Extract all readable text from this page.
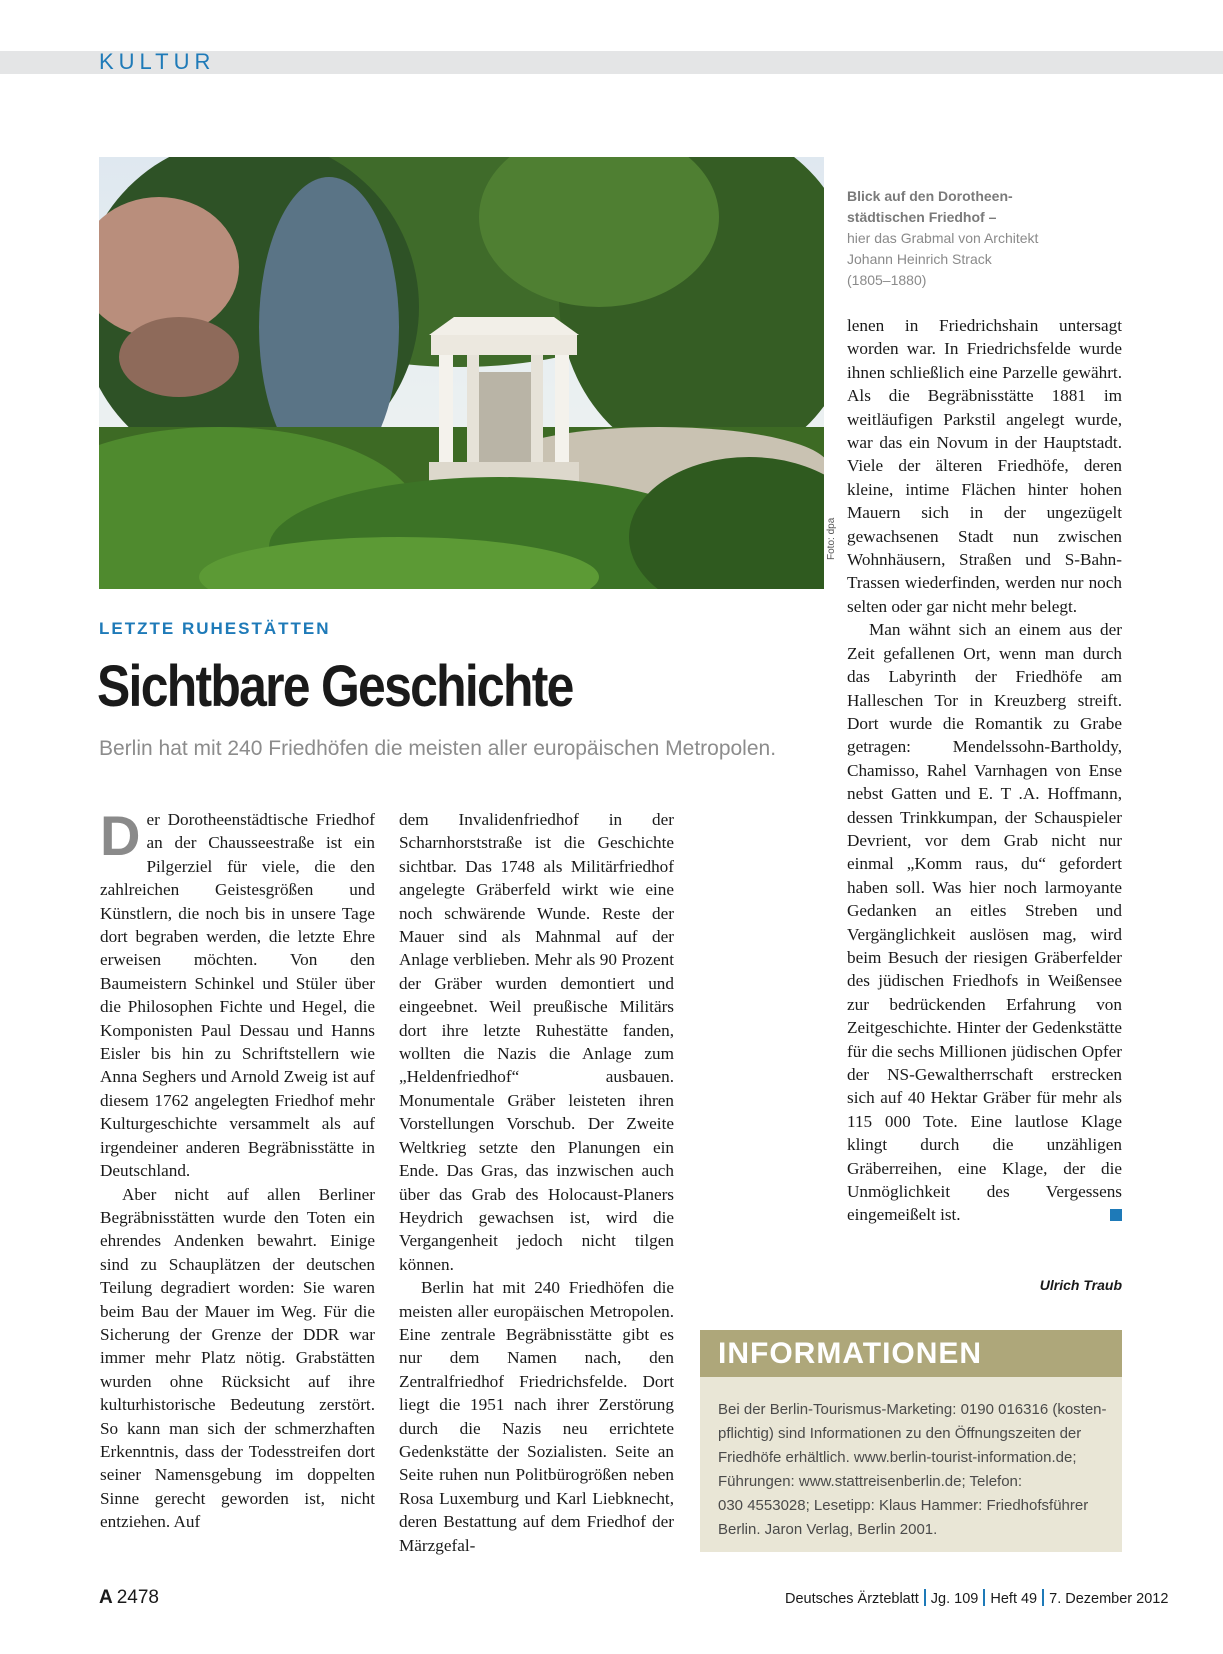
KULTUR
Foto: dpa
Blick auf den Dorotheen-
städtischen Friedhof –
hier das Grabmal von Architekt
Johann Heinrich Strack
(1805–1880)
LETZTE RUHESTÄTTEN
Sichtbare Geschichte
Berlin hat mit 240 Friedhöfen die meisten aller europäischen Metropolen.

Der Dorotheenstädtische Friedhof an der Chausseestraße ist ein Pilgerziel für viele, die den zahlreichen Geistesgrößen und Künstlern, die noch bis in unsere Tage dort begraben werden, die letzte Ehre erweisen möchten. Von den Baumeistern Schinkel und Stüler über die Philosophen Fichte und Hegel, die Komponisten Paul Dessau und Hanns Eisler bis hin zu Schriftstellern wie Anna Seghers und Arnold Zweig ist auf diesem 1762 angelegten Friedhof mehr Kulturgeschichte versammelt als auf irgendeiner anderen Begräbnisstätte in Deutschland.

Aber nicht auf allen Berliner Begräbnisstätten wurde den Toten ein ehrendes Andenken bewahrt. Einige sind zu Schauplätzen der deutschen Teilung degradiert worden: Sie waren beim Bau der Mauer im Weg. Für die Sicherung der Grenze der DDR war immer mehr Platz nötig. Grabstätten wurden ohne Rücksicht auf ihre kulturhistorische Bedeutung zerstört. So kann man sich der schmerzhaften Erkenntnis, dass der Todesstreifen dort seiner Namensgebung im doppelten Sinne gerecht geworden ist, nicht entziehen. Auf

dem Invalidenfriedhof in der Scharnhorststraße ist die Geschichte sichtbar. Das 1748 als Militärfriedhof angelegte Gräberfeld wirkt wie eine noch schwärende Wunde. Reste der Mauer sind als Mahnmal auf der Anlage verblieben. Mehr als 90 Prozent der Gräber wurden demontiert und eingeebnet. Weil preußische Militärs dort ihre letzte Ruhestätte fanden, wollten die Nazis die Anlage zum „Heldenfriedhof“ ausbauen. Monumentale Gräber leisteten ihren Vorstellungen Vorschub. Der Zweite Weltkrieg setzte den Planungen ein Ende. Das Gras, das inzwischen auch über das Grab des Holocaust-Planers Heydrich gewachsen ist, wird die Vergangenheit jedoch nicht tilgen können.

Berlin hat mit 240 Friedhöfen die meisten aller europäischen Metropolen. Eine zentrale Begräbnisstätte gibt es nur dem Namen nach, den Zentralfriedhof Friedrichsfelde. Dort liegt die 1951 nach ihrer Zerstörung durch die Nazis neu errichtete Gedenkstätte der Sozialisten. Seite an Seite ruhen nun Politbürogrößen neben Rosa Luxemburg und Karl Liebknecht, deren Bestattung auf dem Friedhof der Märzgefal-

lenen in Friedrichshain untersagt worden war. In Friedrichsfelde wurde ihnen schließlich eine Parzelle gewährt. Als die Begräbnisstätte 1881 im weitläufigen Parkstil angelegt wurde, war das ein Novum in der Hauptstadt. Viele der älteren Friedhöfe, deren kleine, intime Flächen hinter hohen Mauern sich in der ungezügelt gewachsenen Stadt nun zwischen Wohnhäusern, Straßen und S-Bahn-Trassen wiederfinden, werden nur noch selten oder gar nicht mehr belegt.

Man wähnt sich an einem aus der Zeit gefallenen Ort, wenn man durch das Labyrinth der Friedhöfe am Halleschen Tor in Kreuzberg streift. Dort wurde die Romantik zu Grabe getragen: Mendelssohn-Bartholdy, Chamisso, Rahel Varnhagen von Ense nebst Gatten und E. T .A. Hoffmann, dessen Trinkkumpan, der Schauspieler Devrient, vor dem Grab nicht nur einmal „Komm raus, du“ gefordert haben soll. Was hier noch larmoyante Gedanken an eitles Streben und Vergänglichkeit auslösen mag, wird beim Besuch der riesigen Gräberfelder des jüdischen Friedhofs in Weißensee zur bedrückenden Erfahrung von Zeitgeschichte. Hinter der Gedenkstätte für die sechs Millionen jüdischen Opfer der NS-Gewaltherrschaft erstrecken sich auf 40 Hektar Gräber für mehr als 115 000 Tote. Eine lautlose Klage klingt durch die unzähligen Gräberreihen, eine Klage, der die Unmöglichkeit des Vergessens eingemeißelt ist.

Ulrich Traub
INFORMATIONEN
Bei der Berlin-Tourismus-Marketing: 0190 016316 (kosten-
pflichtig) sind Informationen zu den Öffnungszeiten der
Friedhöfe erhältlich. www.berlin-tourist-information.de;
Führungen: www.stattreisenberlin.de; Telefon:
030 4553028; Lesetipp: Klaus Hammer: Friedhofsführer
Berlin. Jaron Verlag, Berlin 2001.
A 2478	Deutsches Ärzteblatt Jg. 109 Heft 49 7. Dezember 2012
